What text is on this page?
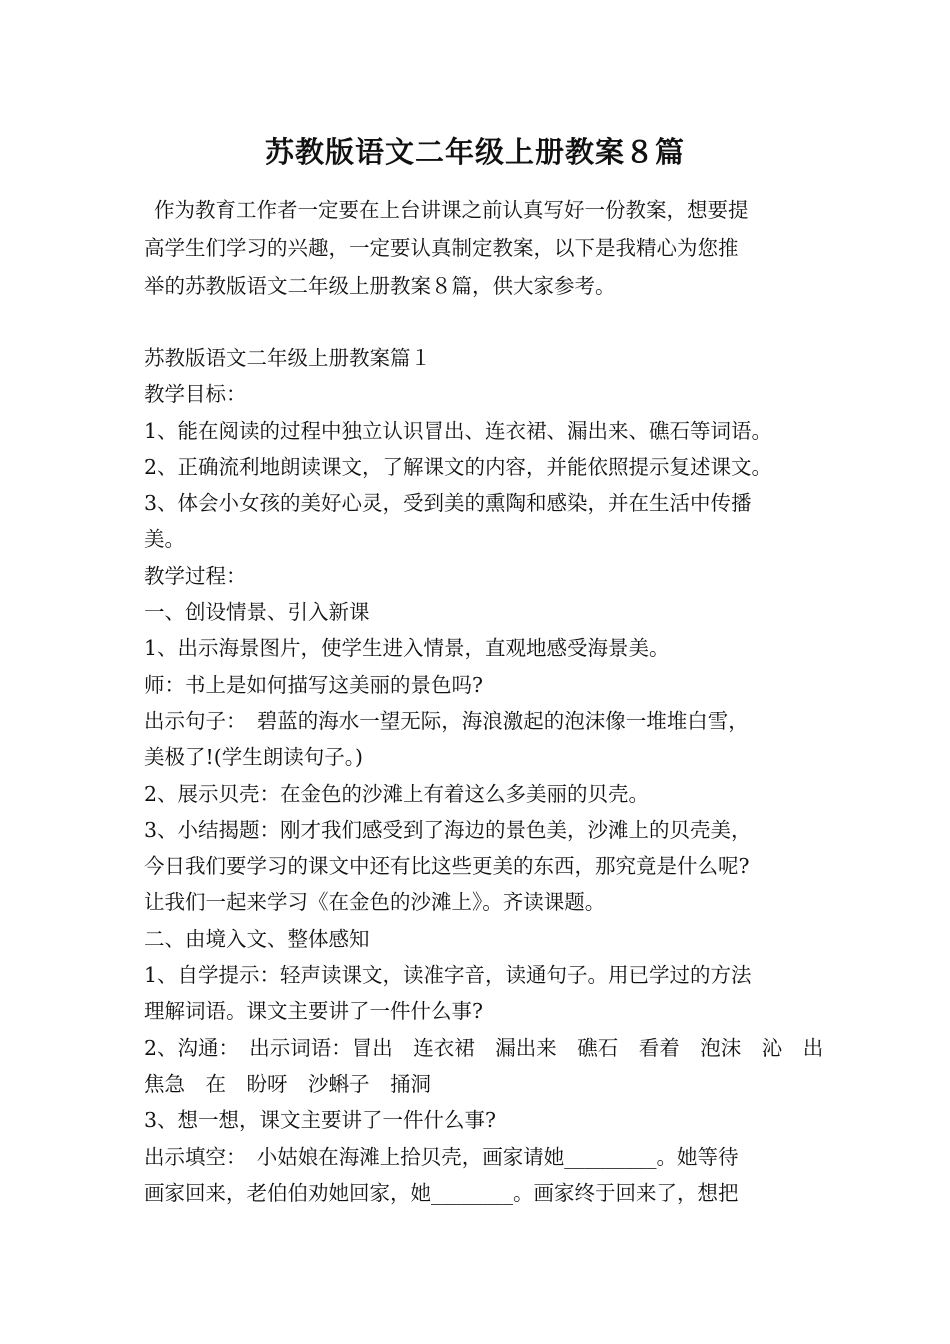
苏教版语文二年级上册教案８篇

作为教育工作者一定要在上台讲课之前认真写好一份教案，想要提
高学生们学习的兴趣，一定要认真制定教案，以下是我精心为您推
举的苏教版语文二年级上册教案８篇，供大家参考。

苏教版语文二年级上册教案篇１
教学目标：
1、能在阅读的过程中独立认识冒出、连衣裙、漏出来、礁石等词语。
2、正确流利地朗读课文，了解课文的内容，并能依照提示复述课文。
3、体会小女孩的美好心灵，受到美的熏陶和感染，并在生活中传播
美。
教学过程：
一、创设情景、引入新课
1、出示海景图片，使学生进入情景，直观地感受海景美。
师：书上是如何描写这美丽的景色吗?
出示句子：　碧蓝的海水一望无际，海浪激起的泡沫像一堆堆白雪，
美极了!(学生朗读句子。)
2、展示贝壳：在金色的沙滩上有着这么多美丽的贝壳。
3、小结揭题：刚才我们感受到了海边的景色美，沙滩上的贝壳美，
今日我们要学习的课文中还有比这些更美的东西，那究竟是什么呢?
让我们一起来学习《在金色的沙滩上》。齐读课题。
二、由境入文、整体感知
1、自学提示：轻声读课文，读准字音，读通句子。用已学过的方法
理解词语。课文主要讲了一件什么事?
2、沟通：　出示词语：冒出　连衣裙　漏出来　礁石　看着　泡沫　沁　出
焦急　在　盼呀　沙蝌子　捅洞
3、想一想，课文主要讲了一件什么事?
出示填空：　小姑娘在海滩上拾贝壳，画家请她_________。她等待
画家回来，老伯伯劝她回家，她________。画家终于回来了，想把
